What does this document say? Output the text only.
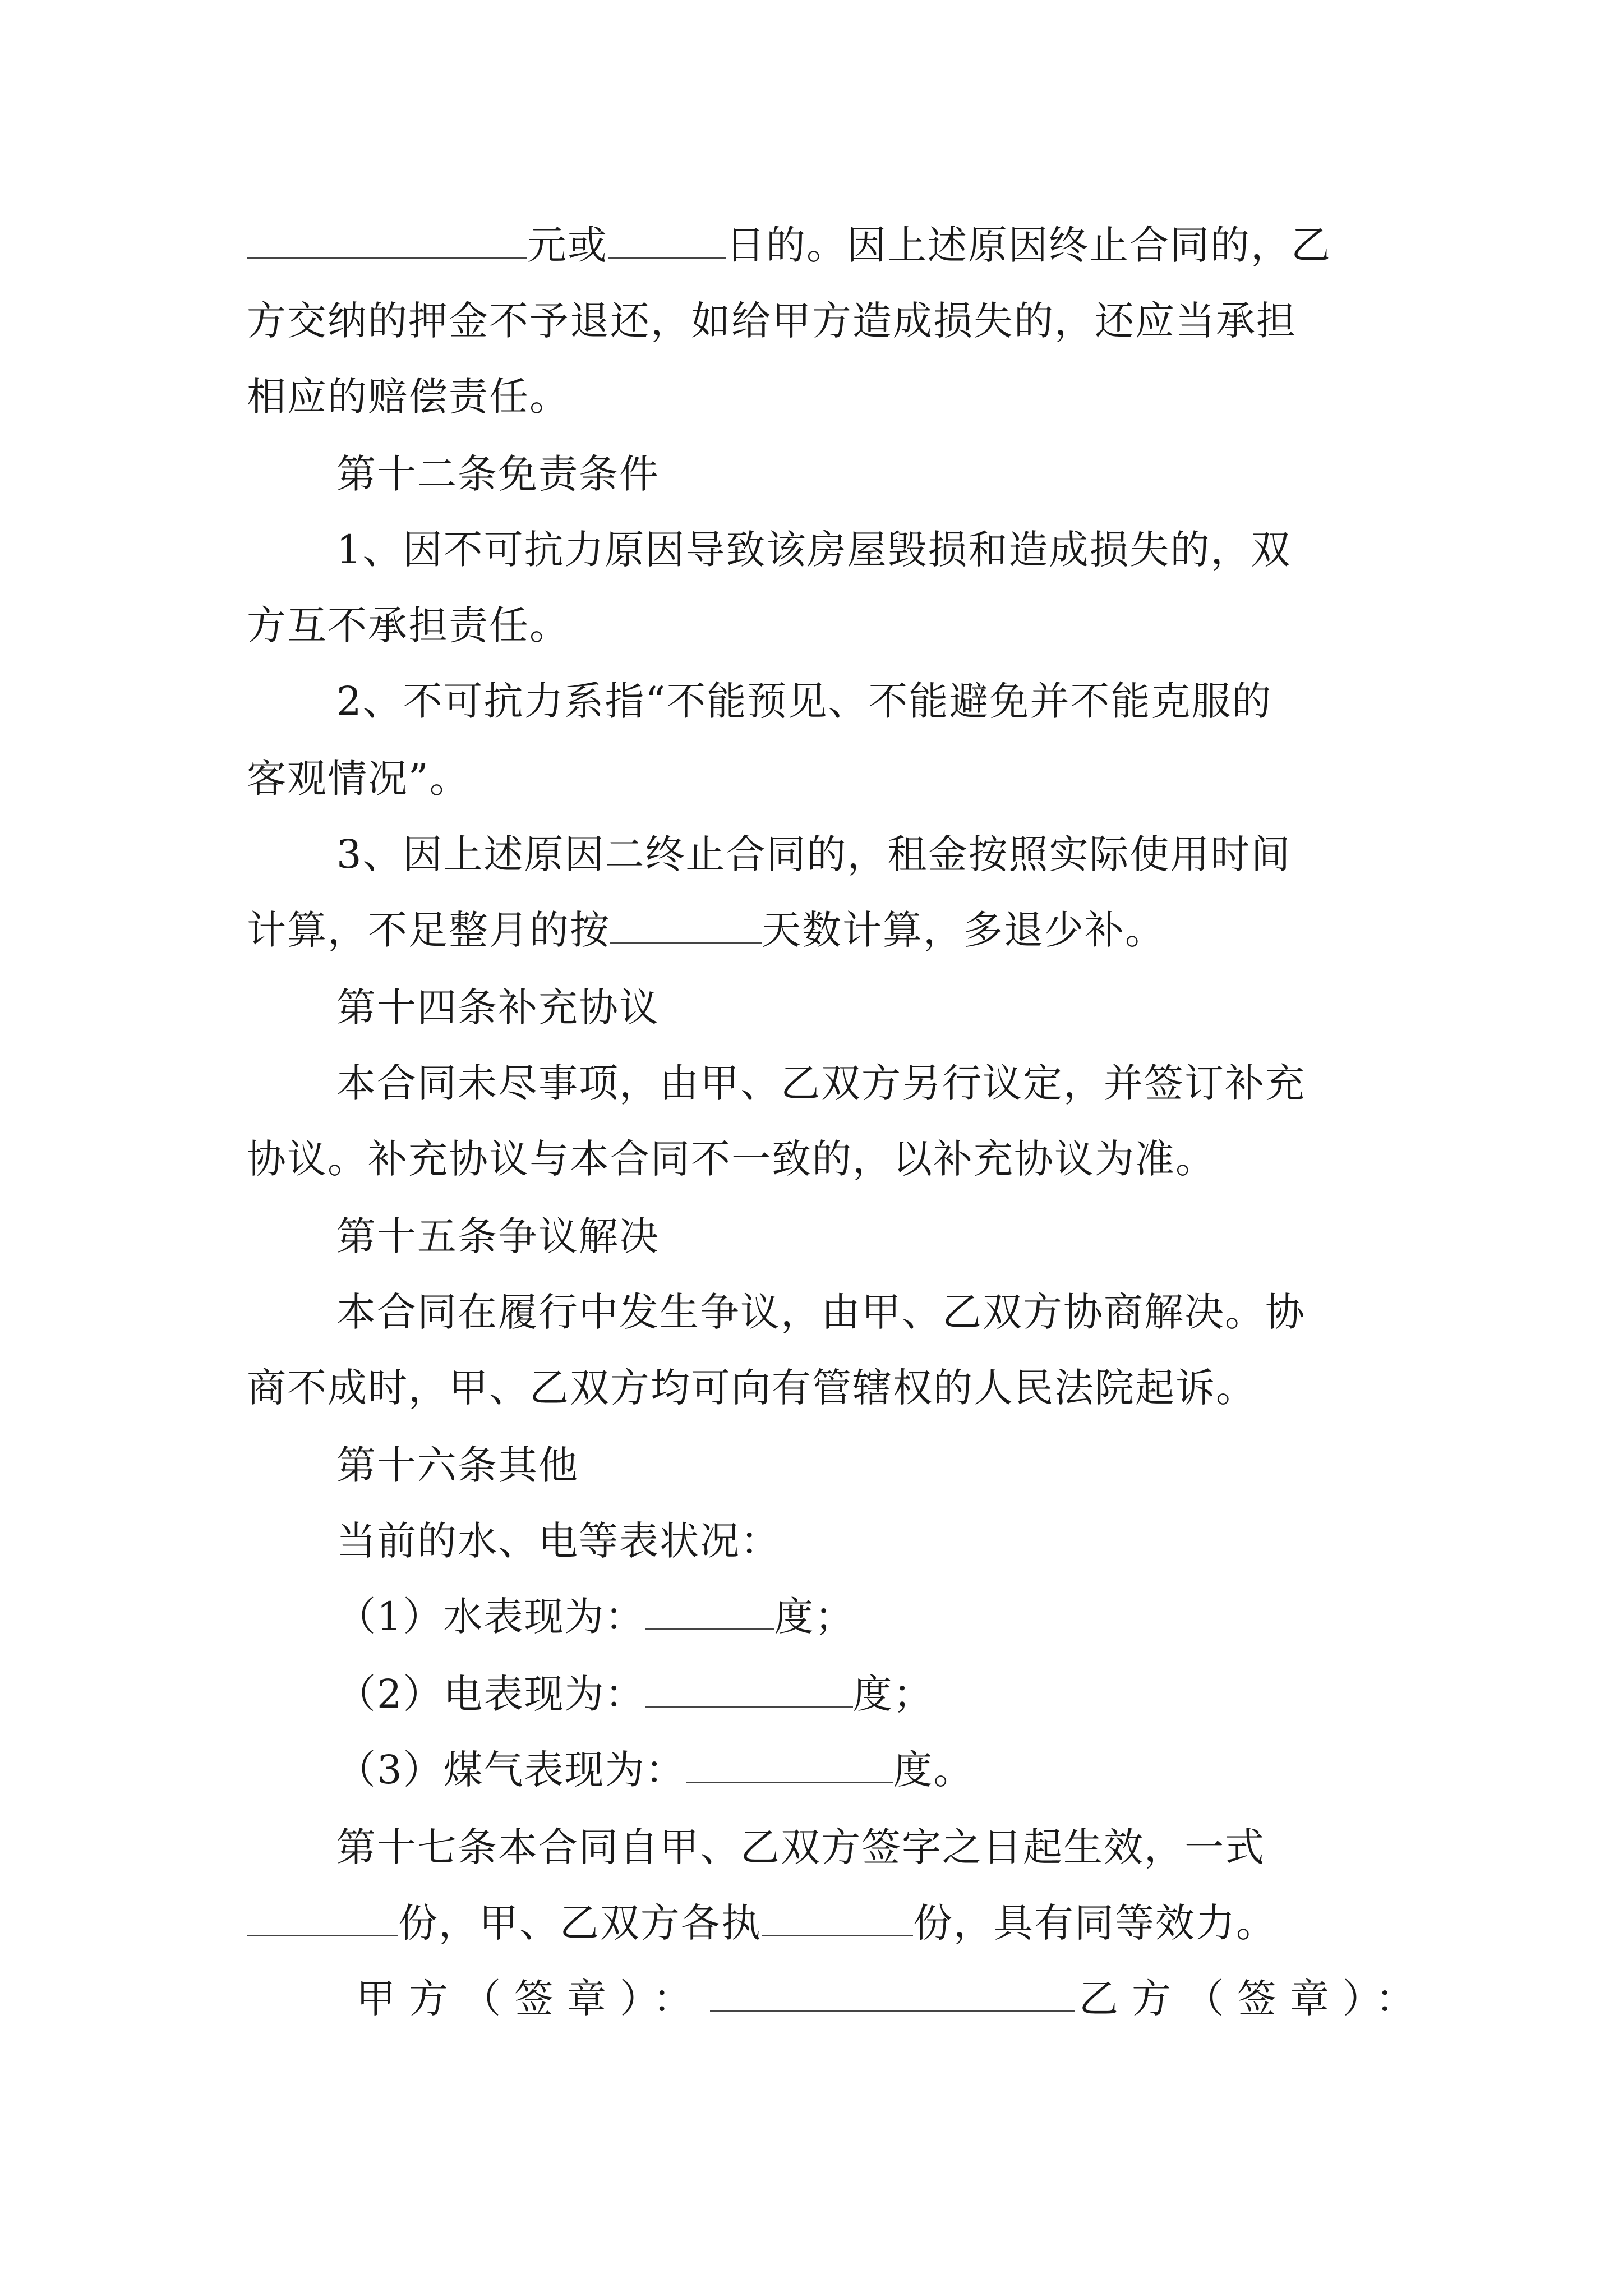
元或	日的。因上述原因终止合同的，乙
方交纳的押金不予退还，如给甲方造成损失的，还应当承担
相应的赔偿责任。
第十二条免责条件
1、因不可抗力原因导致该房屋毁损和造成损失的，双
方互不承担责任。
2、不可抗力系指“不能预见、不能避免并不能克服的
客观情况”。
3、因上述原因二终止合同的，租金按照实际使用时间
计算，不足整月的按	天数计算，多退少补。
第十四条补充协议
本合同未尽事项，由甲、乙双方另行议定，并签订补充
协议。补充协议与本合同不一致的，以补充协议为准。
第十五条争议解决
本合同在履行中发生争议，由甲、乙双方协商解决。协
商不成时，甲、乙双方均可向有管辖权的人民法院起诉。
第十六条其他
当前的水、电等表状况：
（1）水表现为：	度；
（2）电表现为：	度；
（3）煤气表现为：	度。
第十七条本合同自甲、乙双方签字之日起生效，一式
份，甲、乙双方各执	份，具有同等效力。
甲方（签章）：	乙方（签章）：
